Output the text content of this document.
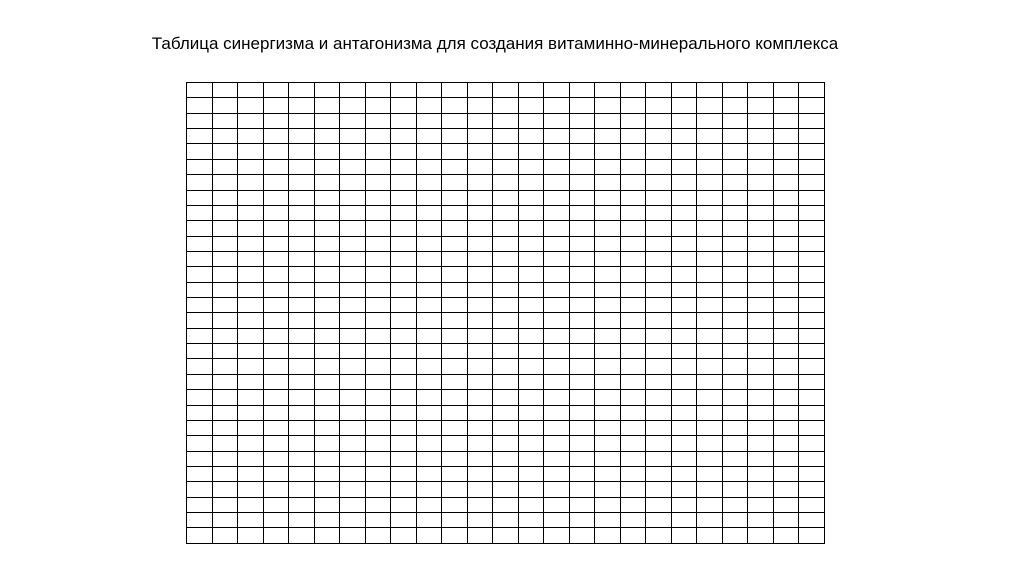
Таблица синергизма и антагонизма для создания витаминно-минерального комплекса
